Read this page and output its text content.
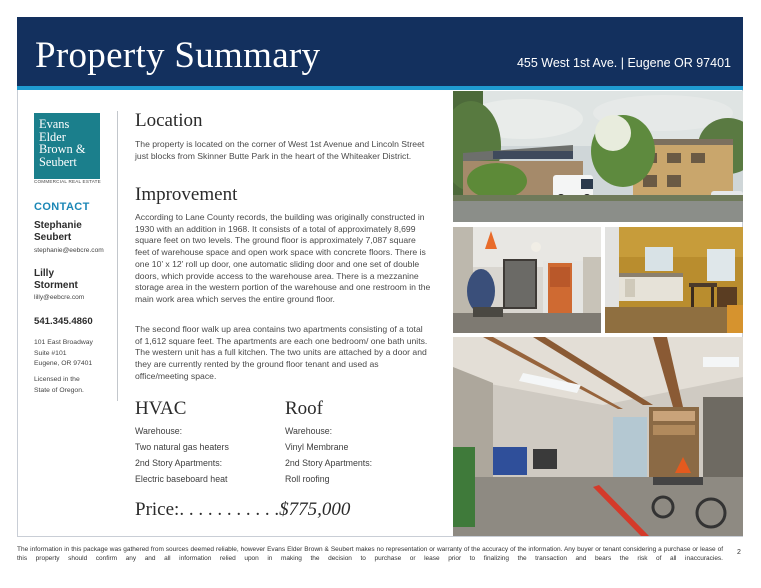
Property Summary	455 West 1st Ave. | Eugene OR 97401
Evans
Elder
Brown &
Seubert
COMMERCIAL REAL ESTATE
CONTACT
Stephanie
Seubert
stephanie@eebcre.com
Lilly
Storment
lilly@eebcre.com
541.345.4860
101 East Broadway
Suite #101
Eugene, OR 97401
Licensed in the
State of Oregon.
Location
The property is located on the corner of West 1st Avenue and Lincoln Street just blocks from Skinner Butte Park in the heart of the Whiteaker District.
Improvement
According to Lane County records, the building was originally constructed in 1930 with an addition in 1968. It consists of a total of approximately 8,699 square feet on two levels. The ground floor is approximately 7,087 square feet of warehouse space and open work space with concrete floors. There is one 10’ x 12’ roll up door, one automatic sliding door and one set of double doors, which provide access to the warehouse area. There is a mezzanine storage area in the western portion of the warehouse and one restroom in the main work area which serves the entire ground floor.
The second floor walk up area contains two apartments consisting of a total of 1,612 square feet. The apartments are each one bedroom/ one bath units. The western unit has a full kitchen. The two units are attached by a door and they are currently rented by the ground floor tenant and used as office/meeting space.
HVAC
Warehouse:
Two natural gas heaters
2nd Story Apartments:
Electric baseboard heat
Roof
Warehouse:
Vinyl Membrane
2nd Story Apartments:
Roll roofing
Price:. . . . . . . . . . .$775,000
The information in this package was gathered from sources deemed reliable, however Evans Elder Brown & Seubert makes no representation or warranty of the accuracy of the information. Any buyer or tenant considering a purchase or lease of this property should confirm any and all information relied upon in making the decision to purchase or lease prior to finalizing the transaction and bears the risk of all inaccuracies.
2
